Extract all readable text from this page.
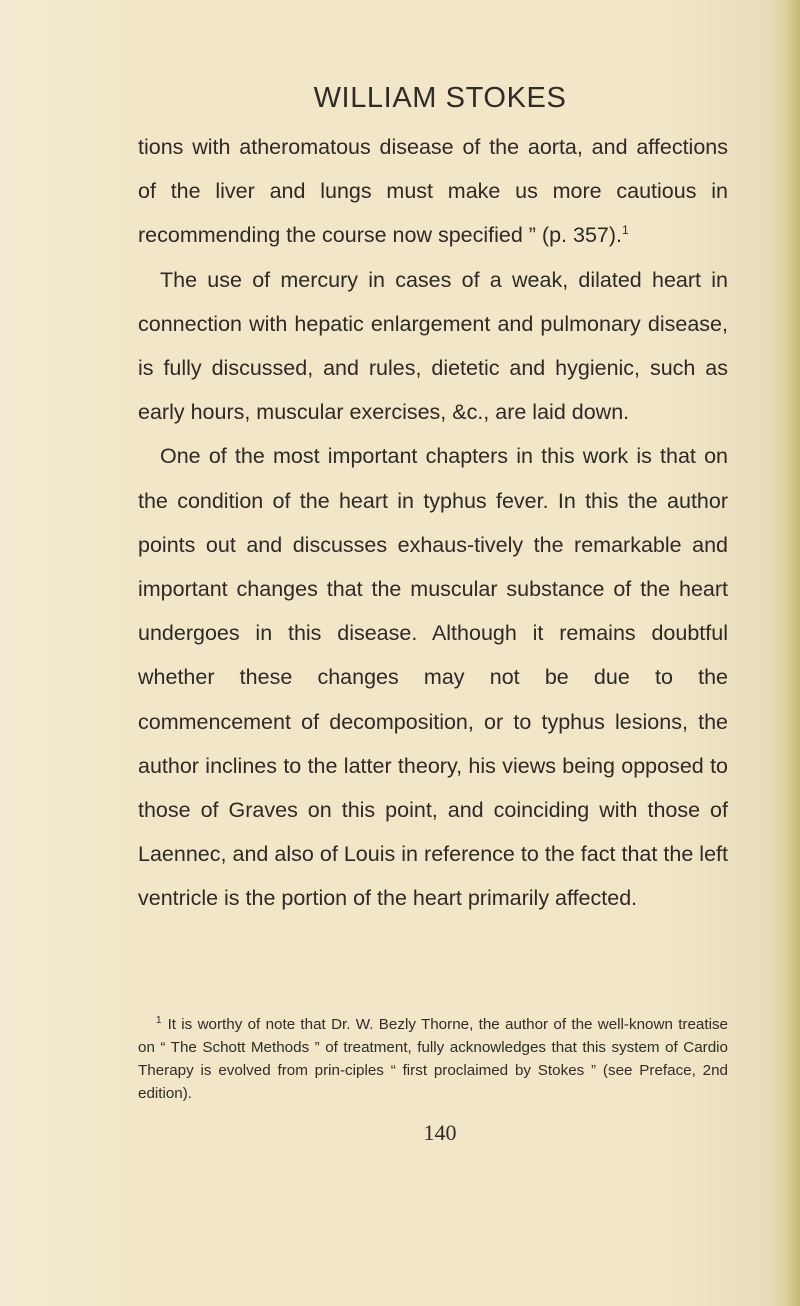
WILLIAM STOKES

tions with atheromatous disease of the aorta, and affections of the liver and lungs must make us more cautious in recommending the course now specified ” (p. 357).$^1$

The use of mercury in cases of a weak, dilated heart in connection with hepatic enlargement and pulmonary disease, is fully discussed, and rules, dietetic and hygienic, such as early hours, muscular exercises, &c., are laid down.

One of the most important chapters in this work is that on the condition of the heart in typhus fever. In this the author points out and discusses exhaus-tively the remarkable and important changes that the muscular substance of the heart undergoes in this disease. Although it remains doubtful whether these changes may not be due to the commencement of decomposition, or to typhus lesions, the author inclines to the latter theory, his views being opposed to those of Graves on this point, and coinciding with those of Laennec, and also of Louis in reference to the fact that the left ventricle is the portion of the heart primarily affected.

$^1$ It is worthy of note that Dr. W. Bezly Thorne, the author of the well-known treatise on “ The Schott Methods ” of treatment, fully acknowledges that this system of Cardio Therapy is evolved from prin-ciples “ first proclaimed by Stokes ” (see Preface, 2nd edition).

140
